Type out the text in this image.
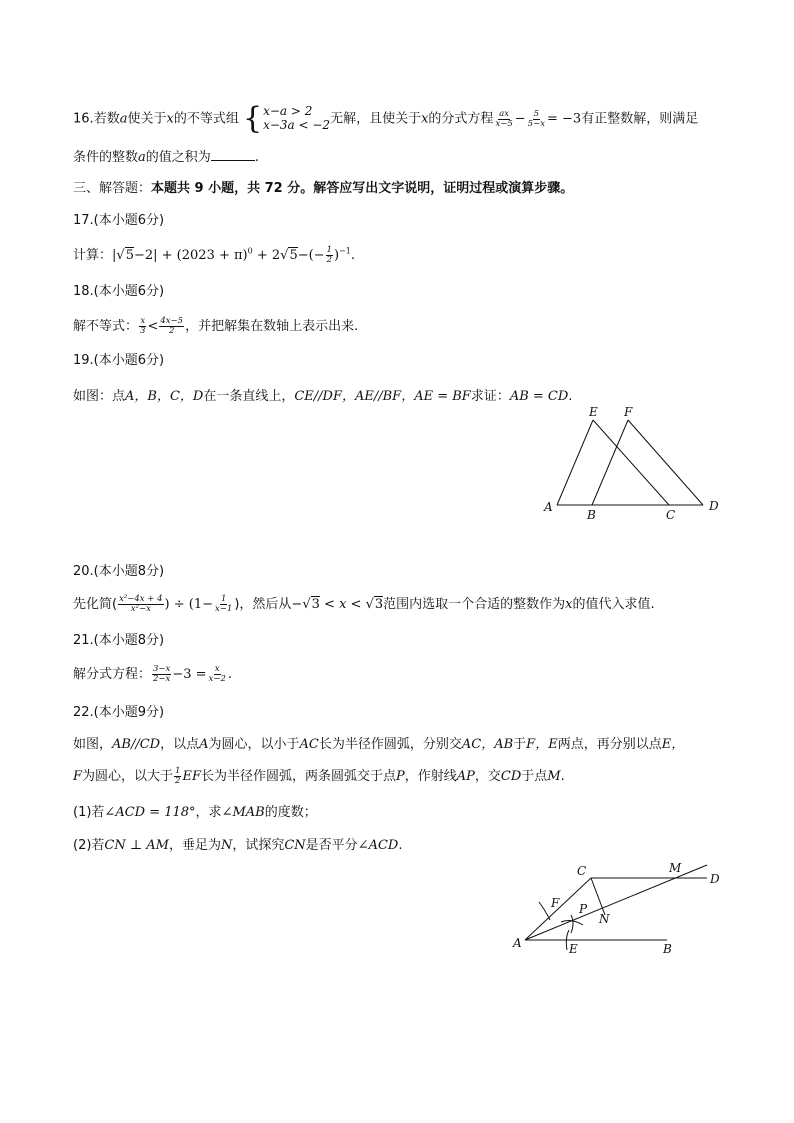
16.若数a使关于x的不等式组 { x−a > 2
x−3a < −2 无解，且使关于x的分式方程 $\frac{ax}{x-5} - \frac{5}{5-x} = -3$有正整数解，则满足
条件的整数a的值之积为	.
三、解答题：本题共 9 小题，共 72 分。解答应写出文字说明，证明过程或演算步骤。
17.(本小题6分)
计算：$|√5-2| + (2023 + \pi)^0 + 2√5-(- \frac{1}{2} )^{-1}$.
18.(本小题6分)
解不等式： $\frac{x}{3} < \frac{4x-5}{2}$ ，并把解集在数轴上表示出来.
19.(本小题6分)
如图：点A，B，C，D在一条直线上，CE//DF，AE//BF，AE = BF求证：AB = CD.
A
B	C
D
E F
20.(本小题8分)
先化简( $\frac{\text{x²−4x + 4}}{\text{x²−x}}$ ) ÷ ($1- \frac{1}{x-1}$ )，然后从−√3 < x < √3范围内选取一个合适的整数作为x的值代入求值.
21.(本小题8分)
解分式方程： $\frac{3-x}{2-x} -3 = \frac{x}{x-2}$ .
22.(本小题9分)
如图，AB//CD，以点A为圆心，以小于AC长为半径作圆弧，分别交AC，AB于F，E两点，再分别以点E，
F为圆心，以大于 $\frac{1}{2}$ EF长为半径作圆弧，两条圆弧交于点P，作射线AP，交CD于点M.
(1)若∠ACD = 118°，求∠MAB的度数；
(2)若CN ⊥ AM，垂足为N，试探究CN是否平分∠ACD.
A	B
C
D
E
F
M
N
P
